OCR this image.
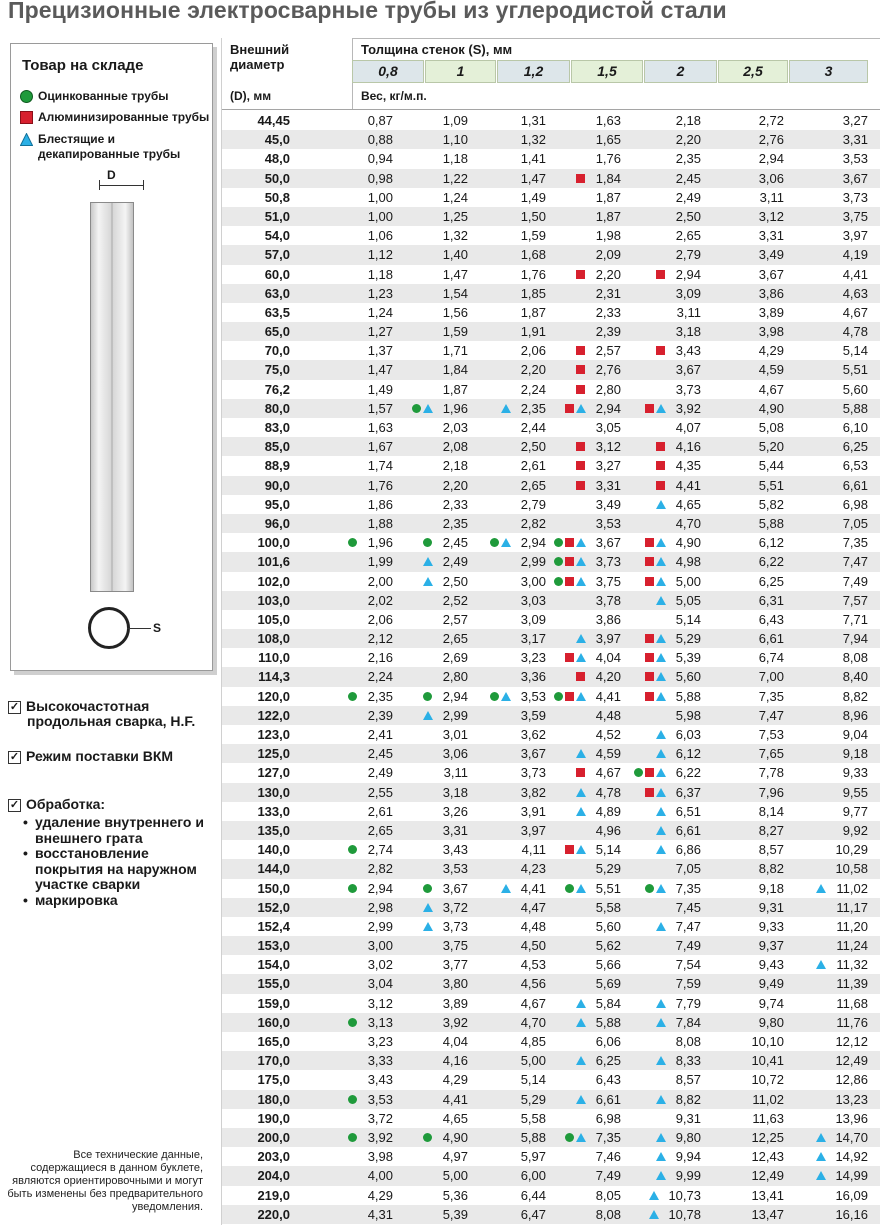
Прецизионные электросварные трубы из углеродистой стали
Товар на складе
Оцинкованные трубы
Алюминизированные трубы
Блестящие и декапированные трубы
D
S
✓ Высокочастотная
продольная сварка, H.F.
✓ Режим поставки ВКМ
✓ Обработка:
• удаление внутреннего и внешнего грата
• восстановление покрытия на наружном участке сварки
• маркировка
Все технические данные, содержащиеся в данном буклете, являются ориентировочными и могут быть изменены без предварительного уведомления.
Внешний диаметр
(D), мм
Толщина стенок (S), мм
0,8	1	1,2	1,5	2	2,5	3
Вес, кг/м.п.
44,45	0,87	1,09	1,31	1,63	2,18	2,72	3,27
45,0	0,88	1,10	1,32	1,65	2,20	2,76	3,31
48,0	0,94	1,18	1,41	1,76	2,35	2,94	3,53
50,0	0,98	1,22	1,47	1,84	2,45	3,06	3,67
50,8	1,00	1,24	1,49	1,87	2,49	3,11	3,73
51,0	1,00	1,25	1,50	1,87	2,50	3,12	3,75
54,0	1,06	1,32	1,59	1,98	2,65	3,31	3,97
57,0	1,12	1,40	1,68	2,09	2,79	3,49	4,19
60,0	1,18	1,47	1,76	2,20	2,94	3,67	4,41
63,0	1,23	1,54	1,85	2,31	3,09	3,86	4,63
63,5	1,24	1,56	1,87	2,33	3,11	3,89	4,67
65,0	1,27	1,59	1,91	2,39	3,18	3,98	4,78
70,0	1,37	1,71	2,06	2,57	3,43	4,29	5,14
75,0	1,47	1,84	2,20	2,76	3,67	4,59	5,51
76,2	1,49	1,87	2,24	2,80	3,73	4,67	5,60
80,0	1,57	1,96	2,35	2,94	3,92	4,90	5,88
83,0	1,63	2,03	2,44	3,05	4,07	5,08	6,10
85,0	1,67	2,08	2,50	3,12	4,16	5,20	6,25
88,9	1,74	2,18	2,61	3,27	4,35	5,44	6,53
90,0	1,76	2,20	2,65	3,31	4,41	5,51	6,61
95,0	1,86	2,33	2,79	3,49	4,65	5,82	6,98
96,0	1,88	2,35	2,82	3,53	4,70	5,88	7,05
100,0	1,96	2,45	2,94	3,67	4,90	6,12	7,35
101,6	1,99	2,49	2,99	3,73	4,98	6,22	7,47
102,0	2,00	2,50	3,00	3,75	5,00	6,25	7,49
103,0	2,02	2,52	3,03	3,78	5,05	6,31	7,57
105,0	2,06	2,57	3,09	3,86	5,14	6,43	7,71
108,0	2,12	2,65	3,17	3,97	5,29	6,61	7,94
110,0	2,16	2,69	3,23	4,04	5,39	6,74	8,08
114,3	2,24	2,80	3,36	4,20	5,60	7,00	8,40
120,0	2,35	2,94	3,53	4,41	5,88	7,35	8,82
122,0	2,39	2,99	3,59	4,48	5,98	7,47	8,96
123,0	2,41	3,01	3,62	4,52	6,03	7,53	9,04
125,0	2,45	3,06	3,67	4,59	6,12	7,65	9,18
127,0	2,49	3,11	3,73	4,67	6,22	7,78	9,33
130,0	2,55	3,18	3,82	4,78	6,37	7,96	9,55
133,0	2,61	3,26	3,91	4,89	6,51	8,14	9,77
135,0	2,65	3,31	3,97	4,96	6,61	8,27	9,92
140,0	2,74	3,43	4,11	5,14	6,86	8,57	10,29
144,0	2,82	3,53	4,23	5,29	7,05	8,82	10,58
150,0	2,94	3,67	4,41	5,51	7,35	9,18	11,02
152,0	2,98	3,72	4,47	5,58	7,45	9,31	11,17
152,4	2,99	3,73	4,48	5,60	7,47	9,33	11,20
153,0	3,00	3,75	4,50	5,62	7,49	9,37	11,24
154,0	3,02	3,77	4,53	5,66	7,54	9,43	11,32
155,0	3,04	3,80	4,56	5,69	7,59	9,49	11,39
159,0	3,12	3,89	4,67	5,84	7,79	9,74	11,68
160,0	3,13	3,92	4,70	5,88	7,84	9,80	11,76
165,0	3,23	4,04	4,85	6,06	8,08	10,10	12,12
170,0	3,33	4,16	5,00	6,25	8,33	10,41	12,49
175,0	3,43	4,29	5,14	6,43	8,57	10,72	12,86
180,0	3,53	4,41	5,29	6,61	8,82	11,02	13,23
190,0	3,72	4,65	5,58	6,98	9,31	11,63	13,96
200,0	3,92	4,90	5,88	7,35	9,80	12,25	14,70
203,0	3,98	4,97	5,97	7,46	9,94	12,43	14,92
204,0	4,00	5,00	6,00	7,49	9,99	12,49	14,99
219,0	4,29	5,36	6,44	8,05	10,73	13,41	16,09
220,0	4,31	5,39	6,47	8,08	10,78	13,47	16,16
